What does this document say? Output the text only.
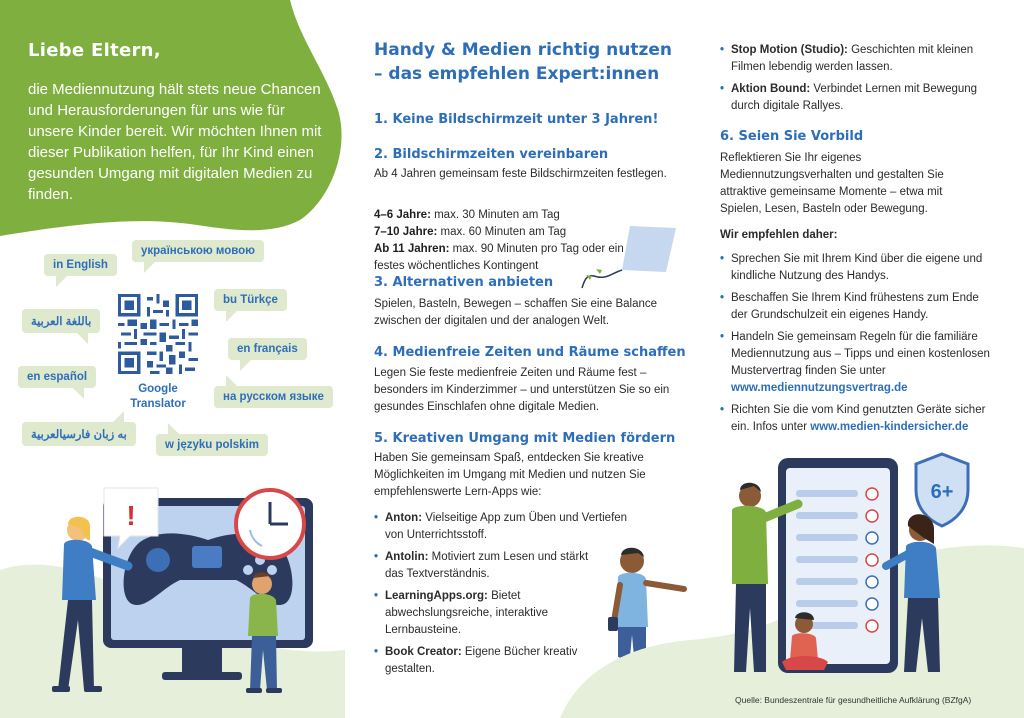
Liebe Eltern,
die Mediennutzung hält stets neue Chancen und Herausforderungen für uns wie für unsere Kinder bereit. Wir möchten Ihnen mit dieser Publikation helfen, für Ihr Kind einen gesunden Umgang mit digitalen Medien zu finden.
in English
українською мовою
bu Türkçe
باللغة العربية
en français
en español
на русском языке
به زبان فارسیالعربیة
w języku polskim
Google Translator
!
Handy & Medien richtig nutzen – das empfehlen Expert:innen
1. Keine Bildschirmzeit unter 3 Jahren!
2. Bildschirmzeiten vereinbaren
Ab 4 Jahren gemeinsam feste Bildschirmzeiten festlegen.
4–6 Jahre: max. 30 Minuten am Tag
7–10 Jahre: max. 60 Minuten am Tag
Ab 11 Jahren: max. 90 Minuten pro Tag oder ein festes wöchentliches Kontingent
3. Alternativen anbieten
Spielen, Basteln, Bewegen – schaffen Sie eine Balance zwischen der digitalen und der analogen Welt.
4. Medienfreie Zeiten und Räume schaffen
Legen Sie feste medienfreie Zeiten und Räume fest – besonders im Kinderzimmer – und unterstützen Sie so ein gesundes Einschlafen ohne digitale Medien.
5. Kreativen Umgang mit Medien fördern
Haben Sie gemeinsam Spaß, entdecken Sie kreative Möglichkeiten im Umgang mit Medien und nutzen Sie empfehlenswerte Lern-Apps wie:
• Anton: Vielseitige App zum Üben und Vertiefen von Unterrichtsstoff.
• Antolin: Motiviert zum Lesen und stärkt das Textverständnis.
• LearningApps.org: Bietet abwechslungsreiche, interaktive Lernbausteine.
• Book Creator: Eigene Bücher kreativ gestalten.
• Stop Motion (Studio): Geschichten mit kleinen Filmen lebendig werden lassen.
• Aktion Bound: Verbindet Lernen mit Bewegung durch digitale Rallyes.
6. Seien Sie Vorbild
Reflektieren Sie Ihr eigenes Mediennutzungsverhalten und gestalten Sie attraktive gemeinsame Momente – etwa mit Spielen, Lesen, Basteln oder Bewegung.
Wir empfehlen daher:
• Sprechen Sie mit Ihrem Kind über die eigene und kindliche Nutzung des Handys.
• Beschaffen Sie Ihrem Kind frühestens zum Ende der Grundschulzeit ein eigenes Handy.
• Handeln Sie gemeinsam Regeln für die familiäre Mediennutzung aus – Tipps und einen kostenlosen Mustervertrag finden Sie unter www.mediennutzungsvertrag.de
• Richten Sie die vom Kind genutzten Geräte sicher ein. Infos unter www.medien-kindersicher.de
6+
Quelle: Bundeszentrale für gesundheitliche Aufklärung (BZfgA)
